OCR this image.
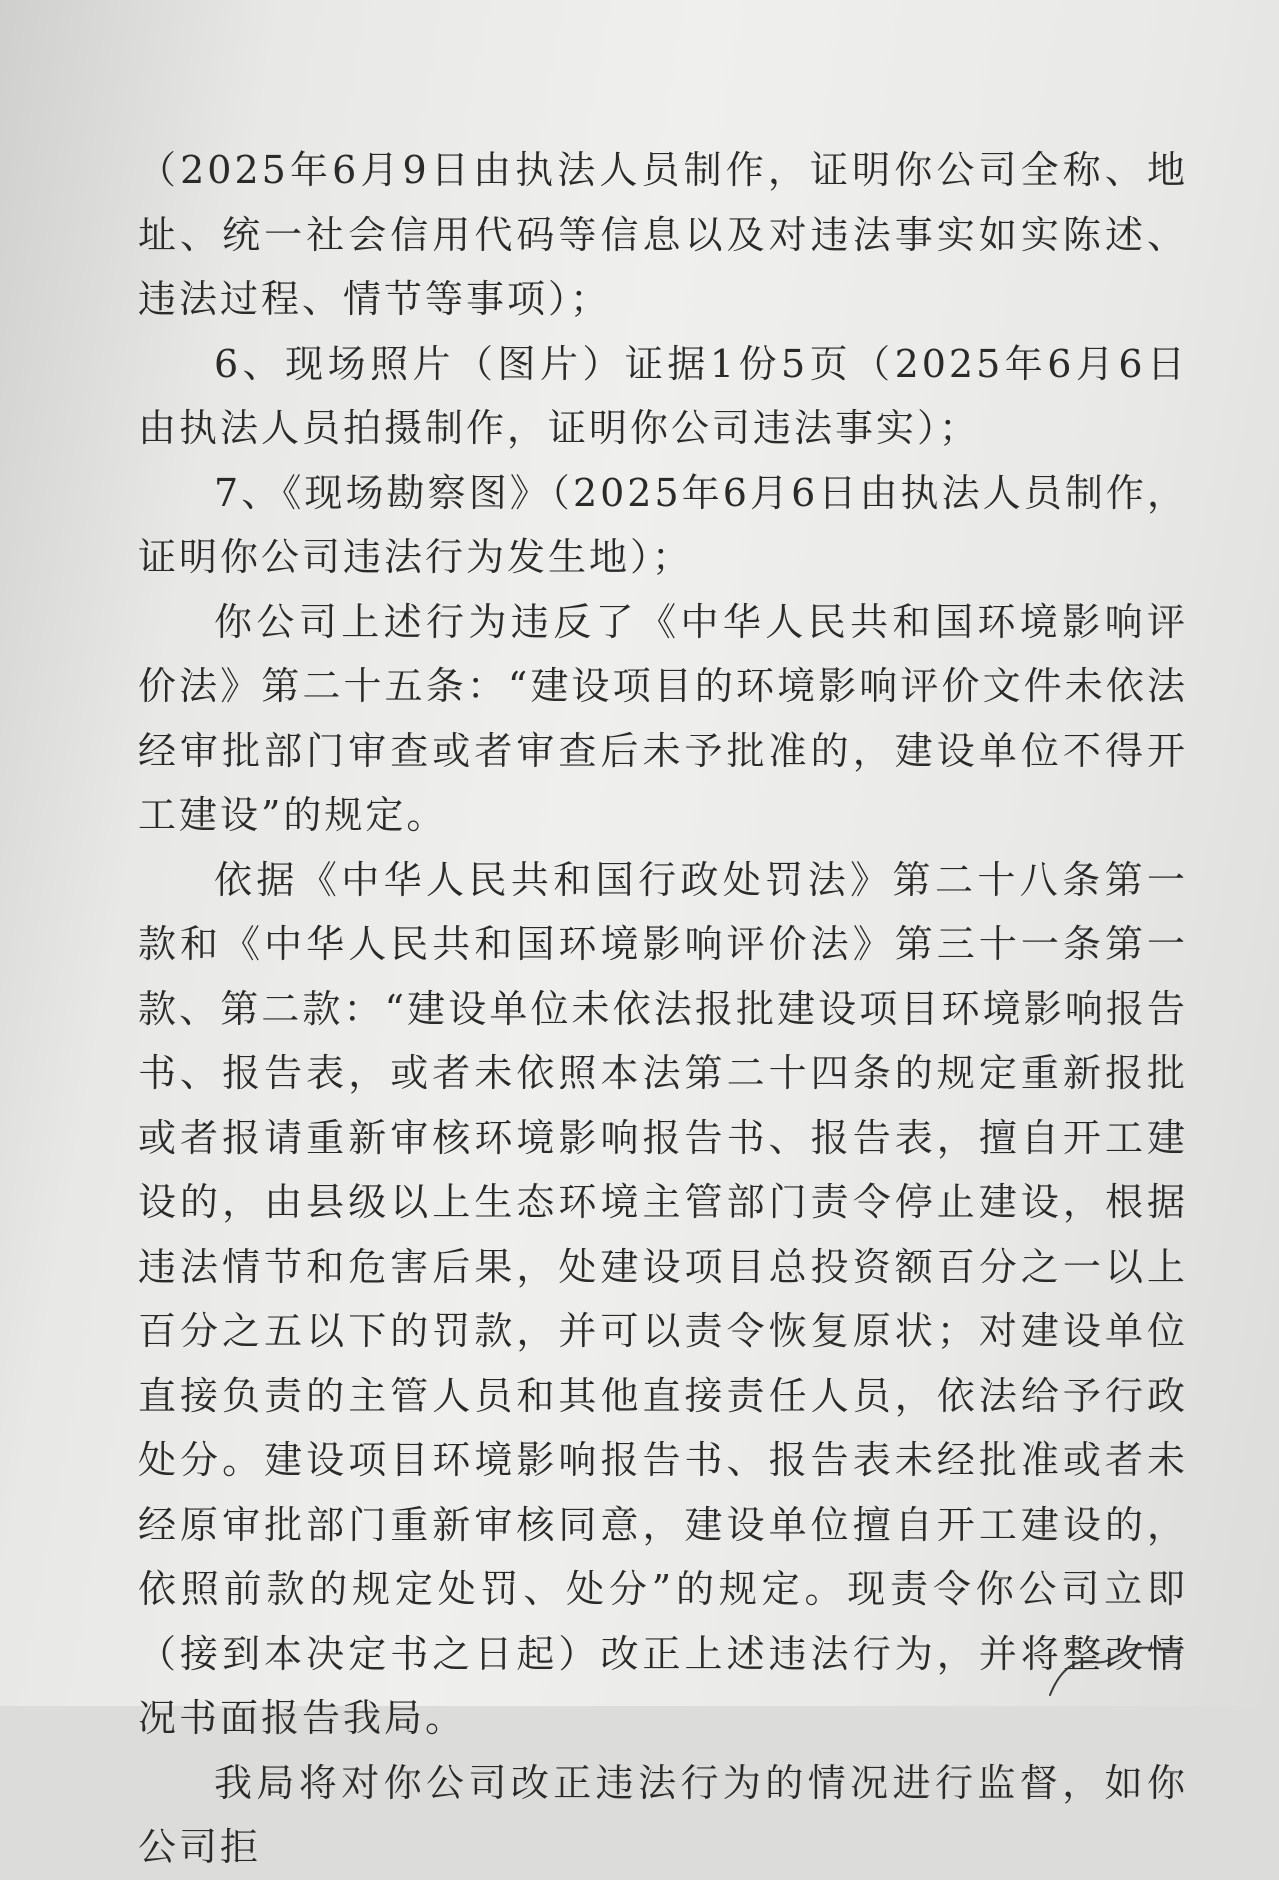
（2025年6月9日由执法人员制作，证明你公司全称、地址、统一社会信用代码等信息以及对违法事实如实陈述、违法过程、情节等事项）；

6、现场照片（图片）证据1份5页（2025年6月6日由执法人员拍摄制作，证明你公司违法事实）；

7、《现场勘察图》（2025年6月6日由执法人员制作，证明你公司违法行为发生地）；

你公司上述行为违反了《中华人民共和国环境影响评价法》第二十五条：“建设项目的环境影响评价文件未依法经审批部门审查或者审查后未予批准的，建设单位不得开工建设”的规定。

依据《中华人民共和国行政处罚法》第二十八条第一款和《中华人民共和国环境影响评价法》第三十一条第一款、第二款：“建设单位未依法报批建设项目环境影响报告书、报告表，或者未依照本法第二十四条的规定重新报批或者报请重新审核环境影响报告书、报告表，擅自开工建设的，由县级以上生态环境主管部门责令停止建设，根据违法情节和危害后果，处建设项目总投资额百分之一以上百分之五以下的罚款，并可以责令恢复原状；对建设单位直接负责的主管人员和其他直接责任人员，依法给予行政处分。建设项目环境影响报告书、报告表未经批准或者未经原审批部门重新审核同意，建设单位擅自开工建设的，依照前款的规定处罚、处分”的规定。现责令你公司立即（接到本决定书之日起）改正上述违法行为，并将整改情况书面报告我局。

我局将对你公司改正违法行为的情况进行监督，如你公司拒
